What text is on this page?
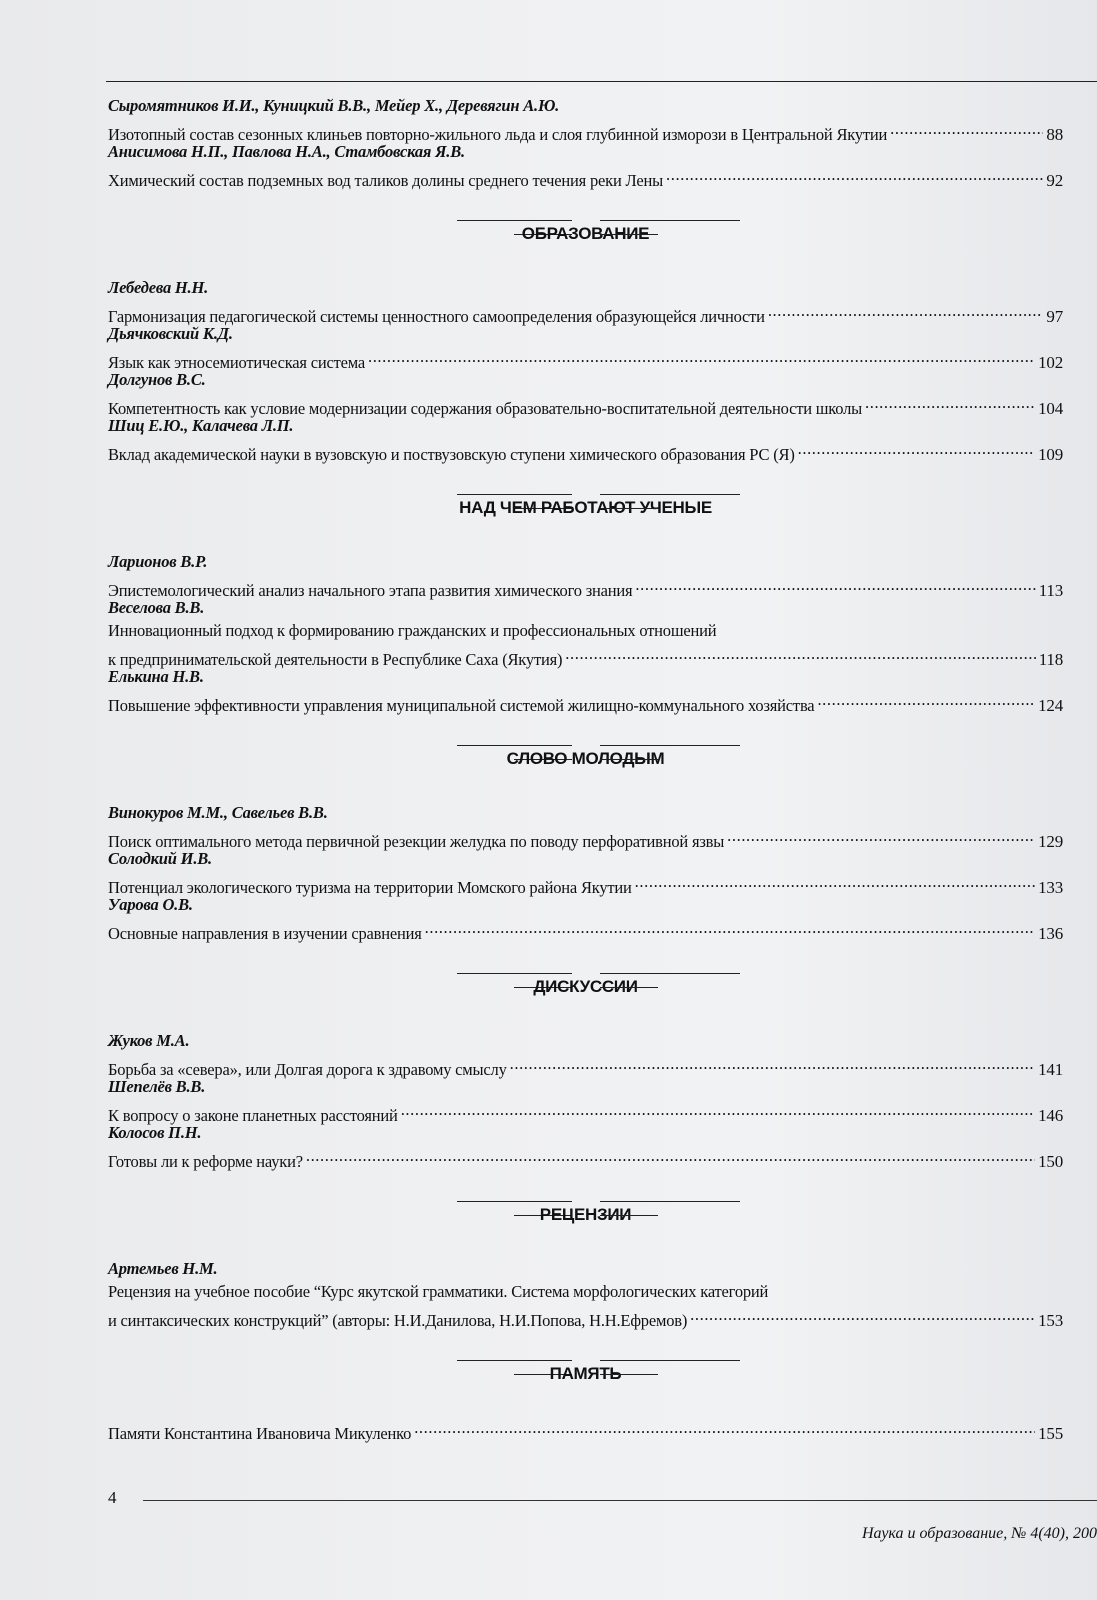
Сыромятников И.И., Куницкий В.В., Мейер Х., Деревягин А.Ю.
Изотопный состав сезонных клиньев повторно-жильного льда и слоя глубинной изморози в Центральной Якутии .....	88
Анисимова Н.П., Павлова Н.А., Стамбовская Я.В.
Химический состав подземных вод таликов долины среднего течения реки Лены .....	92
ОБРАЗОВАНИЕ
Лебедева Н.Н.
Гармонизация педагогической системы ценностного самоопределения образующейся личности .....	97
Дьячковский К.Д.
Язык как этносемиотическая система .....	102
Долгунов В.С.
Компетентность как условие модернизации содержания образовательно-воспитательной деятельности школы .....	104
Шиц Е.Ю., Калачева Л.П.
Вклад академической науки в вузовскую и поствузовскую ступени химического образования РС (Я) .....	109
НАД ЧЕМ РАБОТАЮТ УЧЕНЫЕ
Ларионов В.Р.
Эпистемологический анализ начального этапа развития химического знания .....	113
Веселова В.В.
Инновационный подход к формированию гражданских и профессиональных отношений
к предпринимательской деятельности в Республике Саха (Якутия) .....	118
Елькина Н.В.
Повышение эффективности управления муниципальной системой жилищно-коммунального хозяйства .....	124
СЛОВО МОЛОДЫМ
Винокуров М.М., Савельев В.В.
Поиск оптимального метода первичной резекции желудка по поводу перфоративной язвы .....	129
Солодкий И.В.
Потенциал экологического туризма на территории Момского района Якутии .....	133
Уарова О.В.
Основные направления в изучении сравнения .....	136
ДИСКУССИИ
Жуков М.А.
Борьба за «севера», или Долгая дорога к здравому смыслу .....	141
Шепелёв В.В.
К вопросу о законе планетных расстояний .....	146
Колосов П.Н.
Готовы ли к реформе науки? .....	150
РЕЦЕНЗИИ
Артемьев Н.М.
Рецензия на учебное пособие “Курс якутской грамматики. Система морфологических категорий
и синтаксических конструкций” (авторы: Н.И.Данилова, Н.И.Попова, Н.Н.Ефремов) .....	153
ПАМЯТЬ
Памяти Константина Ивановича Микуленко .....	155
4
Наука и образование, № 4(40), 200
